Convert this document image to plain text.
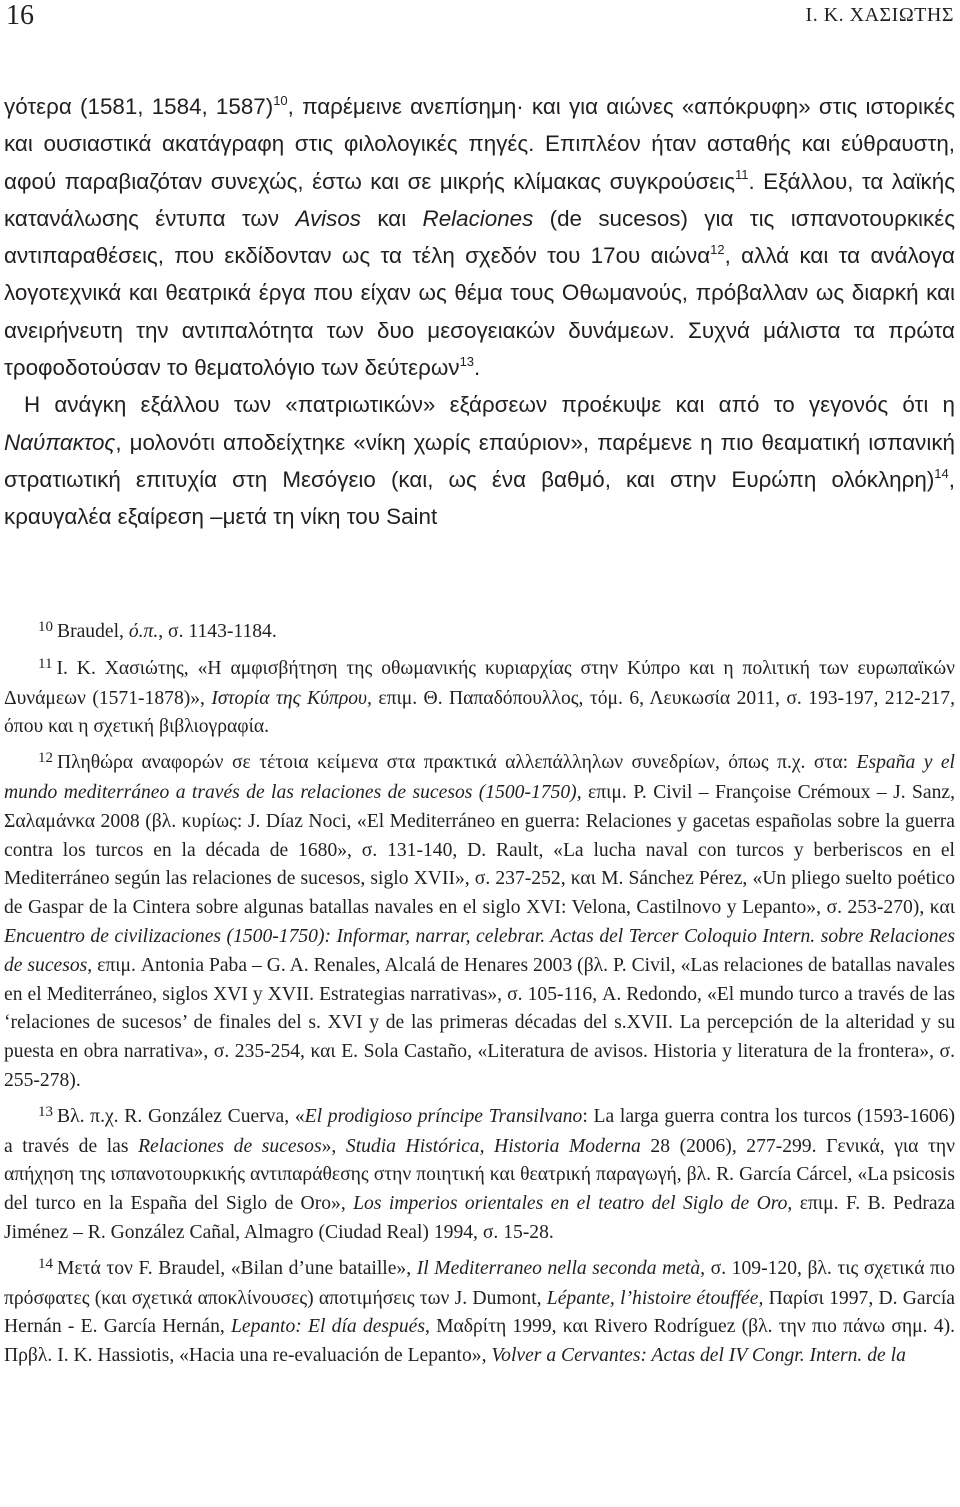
16	Ι. Κ. ΧΑΣΙΩΤΗΣ

γότερα (1581, 1584, 1587)$^{10}$, παρέμεινε ανεπίσημη· και για αιώνες «απόκρυφη» στις ιστορικές και ουσιαστικά ακατάγραφη στις φιλολογικές πηγές. Επιπλέον ήταν ασταθής και εύθραυστη, αφού παραβιαζόταν συνεχώς, έστω και σε μικρής κλίμακας συγκρούσεις$^{11}$. Εξάλλου, τα λαϊκής κατανάλωσης έντυπα των Avisos και Relaciones (de sucesos) για τις ισπανοτουρκικές αντιπαραθέσεις, που εκδίδονταν ως τα τέλη σχεδόν του 17ου αιώνα$^{12}$, αλλά και τα ανάλογα λογοτεχνικά και θεατρικά έργα που είχαν ως θέμα τους Οθωμανούς, πρόβαλλαν ως διαρκή και ανειρήνευτη την αντιπαλότητα των δυο μεσογειακών δυνάμεων. Συχνά μάλιστα τα πρώτα τροφοδοτούσαν το θεματολόγιο των δεύτερων$^{13}$.

Η ανάγκη εξάλλου των «πατριωτικών» εξάρσεων προέκυψε και από το γεγονός ότι η Ναύπακτος, μολονότι αποδείχτηκε «νίκη χωρίς επαύριον», παρέμενε η πιο θεαματική ισπανική στρατιωτική επιτυχία στη Μεσόγειο (και, ως ένα βαθμό, και στην Ευρώπη ολόκληρη)$^{14}$, κραυγαλέα εξαίρεση –μετά τη νίκη του Saint

$^{10}$ Braudel, ό.π., σ. 1143-1184.

$^{11}$ Ι. Κ. Χασιώτης, «Η αμφισβήτηση της οθωμανικής κυριαρχίας στην Κύπρο και η πολιτική των ευρωπαϊκών Δυνάμεων (1571-1878)», Ιστορία της Κύπρου, επιμ. Θ. Παπαδόπουλλος, τόμ. 6, Λευκωσία 2011, σ. 193-197, 212-217, όπου και η σχετική βιβλιογραφία.

$^{12}$ Πληθώρα αναφορών σε τέτοια κείμενα στα πρακτικά αλλεπάλληλων συνεδρίων, όπως π.χ. στα: España y el mundo mediterráneo a través de las relaciones de sucesos (1500-1750), επιμ. P. Civil – Françoise Crémoux – J. Sanz, Σαλαμάνκα 2008 (βλ. κυρίως: J. Díaz Noci, «El Mediterráneo en guerra: Relaciones y gacetas españolas sobre la guerra contra los turcos en la década de 1680», σ. 131-140, D. Rault, «La lucha naval con turcos y berberiscos en el Mediterráneo según las relaciones de sucesos, siglo XVII», σ. 237-252, και M. Sánchez Pérez, «Un pliego suelto poético de Gaspar de la Cintera sobre algunas batallas navales en el siglo XVI: Velona, Castilnovo y Lepanto», σ. 253-270), και Encuentro de civilizaciones (1500-1750): Informar, narrar, celebrar. Actas del Tercer Coloquio Intern. sobre Relaciones de sucesos, επιμ. Antonia Paba – G. A. Renales, Alcalá de Henares 2003 (βλ. P. Civil, «Las relaciones de batallas navales en el Mediterráneo, siglos XVI y XVII. Estrategias narrativas», σ. 105-116, A. Redondo, «El mundo turco a través de las ‘relaciones de sucesos’ de finales del s. XVI y de las primeras décadas del s.XVII. La percepción de la alteridad y su puesta en obra narrativa», σ. 235-254, και E. Sola Castaño, «Literatura de avisos. Historia y literatura de la frontera», σ. 255-278).

$^{13}$ Βλ. π.χ. R. González Cuerva, «El prodigioso príncipe Transilvano: La larga guerra contra los turcos (1593-1606) a través de las Relaciones de sucesos», Studia Histórica, Historia Moderna 28 (2006), 277-299. Γενικά, για την απήχηση της ισπανοτουρκικής αντιπαράθεσης στην ποιητική και θεατρική παραγωγή, βλ. R. García Cárcel, «La psicosis del turco en la España del Siglo de Oro», Los imperios orientales en el teatro del Siglo de Oro, επιμ. F. B. Pedraza Jiménez – R. González Cañal, Almagro (Ciudad Real) 1994, σ. 15-28.

$^{14}$ Μετά τον F. Braudel, «Bilan d’une bataille», Il Mediterraneo nella seconda metà, σ. 109-120, βλ. τις σχετικά πιο πρόσφατες (και σχετικά αποκλίνουσες) αποτιμήσεις των J. Dumont, Lépante, l’histoire étouffée, Παρίσι 1997, D. García Hernán - E. García Hernán, Lepanto: El día después, Μαδρίτη 1999, και Rivero Rodríguez (βλ. την πιο πάνω σημ. 4). Πρβλ. Ι. Κ. Hassiotis, «Hacia una re-evaluación de Lepanto», Volver a Cervantes: Actas del IV Congr. Intern. de la
